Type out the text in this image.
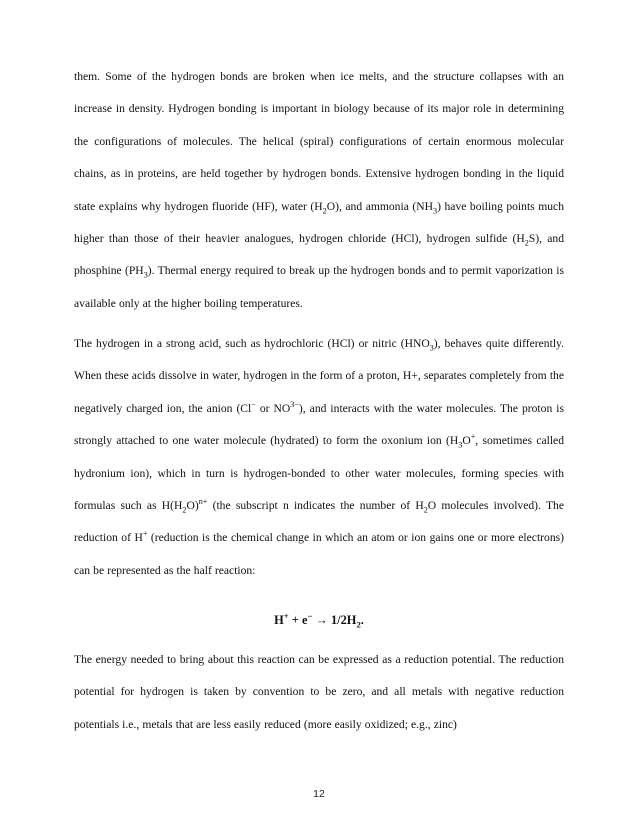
them. Some of the hydrogen bonds are broken when ice melts, and the structure collapses with an increase in density. Hydrogen bonding is important in biology because of its major role in determining the configurations of molecules. The helical (spiral) configurations of certain enormous molecular chains, as in proteins, are held together by hydrogen bonds. Extensive hydrogen bonding in the liquid state explains why hydrogen fluoride (HF), water $(H_2O)$, and ammonia $(NH_3)$ have boiling points much higher than those of their heavier analogues, hydrogen chloride (HCl), hydrogen sulfide $(H_2S)$, and phosphine $(PH_3)$. Thermal energy required to break up the hydrogen bonds and to permit vaporization is available only at the higher boiling temperatures.

The hydrogen in a strong acid, such as hydrochloric (HCl) or nitric $(HNO_3)$, behaves quite differently. When these acids dissolve in water, hydrogen in the form of a proton, H+, separates completely from the negatively charged ion, the anion (Cl− or $NO^{3-}$), and interacts with the water molecules. The proton is strongly attached to one water molecule (hydrated) to form the oxonium ion ($H_3O^+$, sometimes called hydronium ion), which in turn is hydrogen-bonded to other water molecules, forming species with formulas such as $H(H_2O)^{n+}$ (the subscript n indicates the number of $H_2O$ molecules involved). The reduction of H+ (reduction is the chemical change in which an atom or ion gains one or more electrons) can be represented as the half reaction:

$H^+ + e^- \to 1/2H_2$.

The energy needed to bring about this reaction can be expressed as a reduction potential. The reduction potential for hydrogen is taken by convention to be zero, and all metals with negative reduction potentials i.e., metals that are less easily reduced (more easily oxidized; e.g., zinc)

12
